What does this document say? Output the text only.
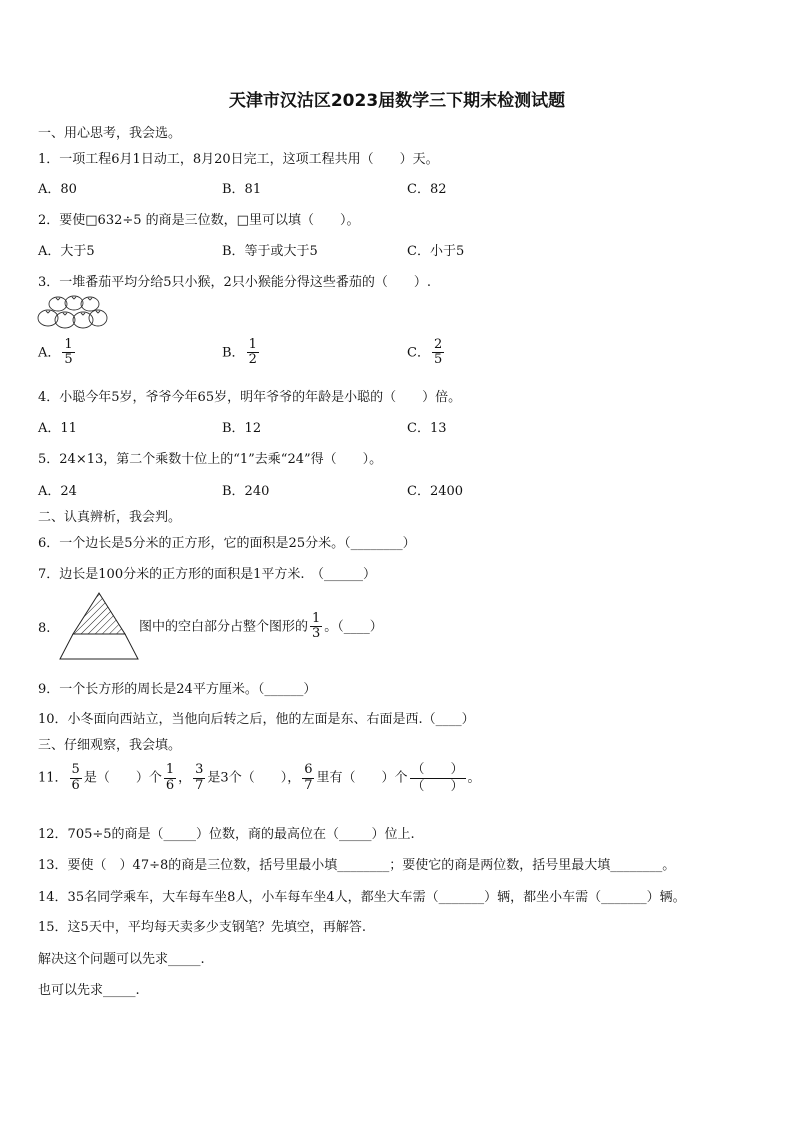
天津市汉沽区2023届数学三下期末检测试题
一、用心思考，我会选。
1．一项工程6月1日动工，8月20日完工，这项工程共用（　　）天。
A．80	B．81	C．82
2．要使□632÷5 的商是三位数，□里可以填（　　）。
A．大于5	B．等于或大于5	C．小于5
3．一堆番茄平均分给5只小猴，2只小猴能分得这些番茄的（　　）.
A． $\frac{1}{5}$	B． $\frac{1}{2}$	C． $\frac{2}{5}$
4．小聪今年5岁，爷爷今年65岁，明年爷爷的年龄是小聪的（　　）倍。
A．11	B．12	C．13
5．24×13，第二个乘数十位上的“1”去乘“24”得（　　）。
A．24	B．240	C．2400
二、认真辨析，我会判。
6．一个边长是5分米的正方形，它的面积是25分米。（________）
7．边长是100分米的正方形的面积是1平方米.　（______）
8.	图中的空白部分占整个图形的 $\frac{1}{3}$ 。（____）
9．一个长方形的周长是24平方厘米。（______）
10．小冬面向西站立，当他向后转之后，他的左面是东、右面是西.（____）
三、仔细观察，我会填。
11． $\frac{5}{6}$ 是（　　）个 $\frac{1}{6}$ ， $\frac{3}{7}$ 是3个（　　）， $\frac{6}{7}$ 里有（　　）个 $\frac{( )}{( )}$ 。
12．705÷5的商是（_____）位数，商的最高位在（_____）位上.
13．要使（　）47÷8的商是三位数，括号里最小填________；要使它的商是两位数，括号里最大填________。
14．35名同学乘车，大车每车坐8人，小车每车坐4人，都坐大车需（_______）辆，都坐小车需（_______）辆。
15．这5天中，平均每天卖多少支钢笔？先填空，再解答.
解决这个问题可以先求_____.
也可以先求_____.
